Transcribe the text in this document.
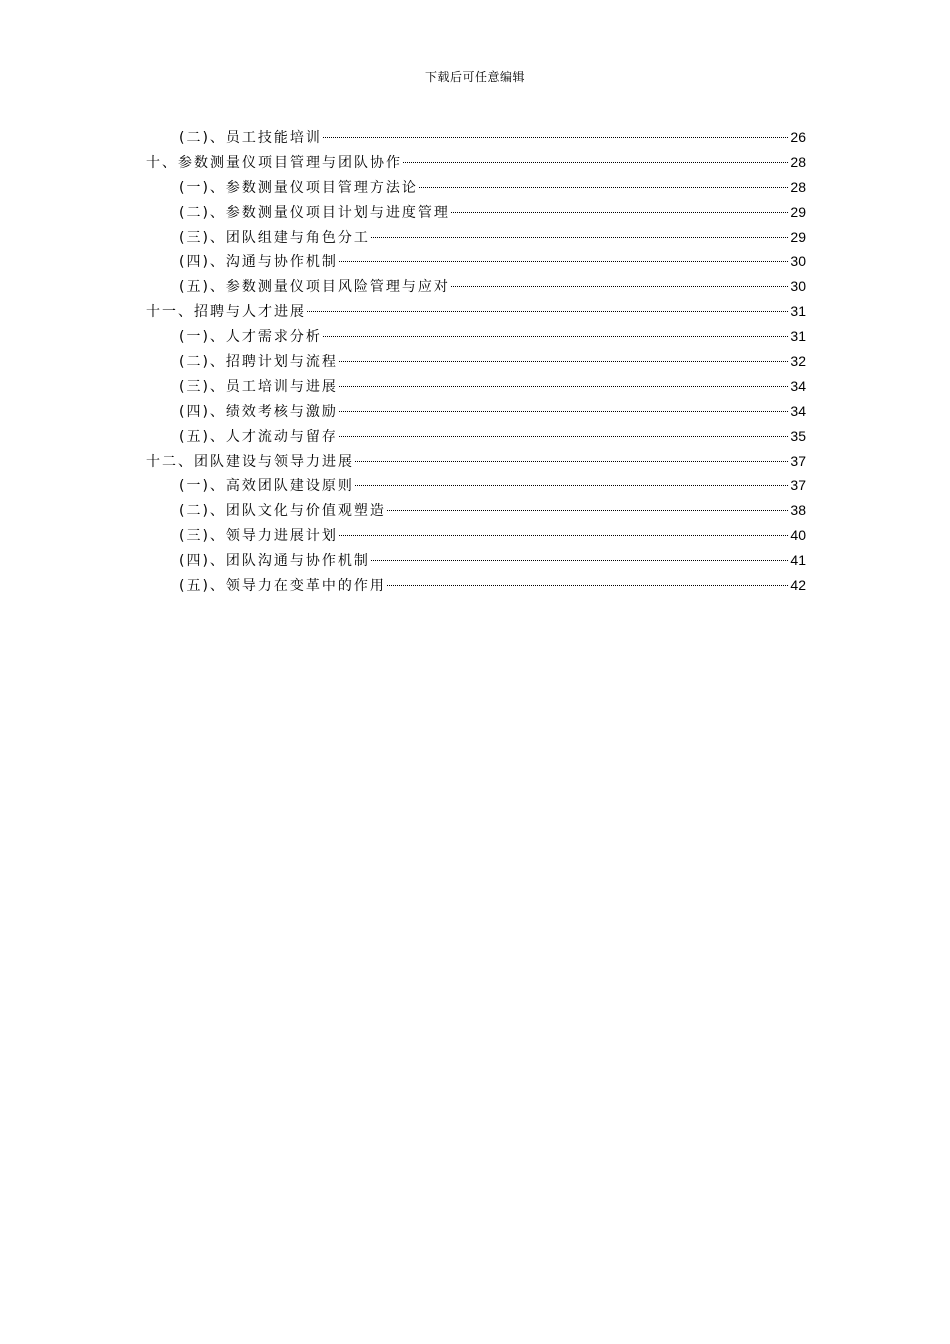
下载后可任意编辑
(二)、员工技能培训	26
十、参数测量仪项目管理与团队协作	28
(一)、参数测量仪项目管理方法论	28
(二)、参数测量仪项目计划与进度管理	29
(三)、团队组建与角色分工	29
(四)、沟通与协作机制	30
(五)、参数测量仪项目风险管理与应对	30
十一、招聘与人才进展	31
(一)、人才需求分析	31
(二)、招聘计划与流程	32
(三)、员工培训与进展	34
(四)、绩效考核与激励	34
(五)、人才流动与留存	35
十二、团队建设与领导力进展	37
(一)、高效团队建设原则	37
(二)、团队文化与价值观塑造	38
(三)、领导力进展计划	40
(四)、团队沟通与协作机制	41
(五)、领导力在变革中的作用	42
